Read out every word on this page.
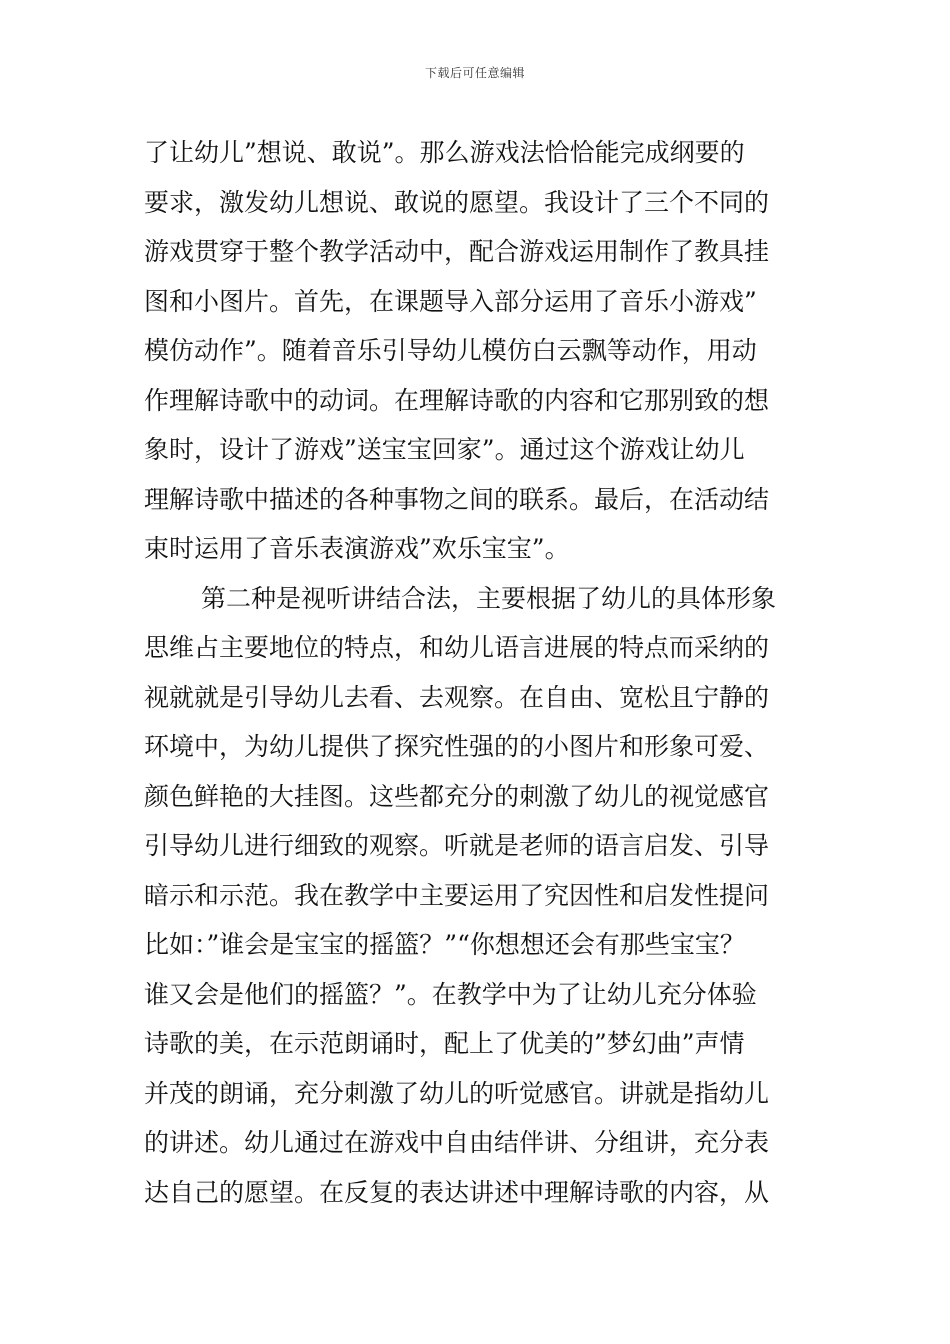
下载后可任意编辑
了让幼儿”想说、敢说”。那么游戏法恰恰能完成纲要的
要求，激发幼儿想说、敢说的愿望。我设计了三个不同的
游戏贯穿于整个教学活动中，配合游戏运用制作了教具挂
图和小图片。首先，在课题导入部分运用了音乐小游戏”
模仿动作”。随着音乐引导幼儿模仿白云飘等动作，用动
作理解诗歌中的动词。在理解诗歌的内容和它那别致的想
象时，设计了游戏”送宝宝回家”。通过这个游戏让幼儿
理解诗歌中描述的各种事物之间的联系。最后，在活动结
束时运用了音乐表演游戏”欢乐宝宝”。
第二种是视听讲结合法，主要根据了幼儿的具体形象
思维占主要地位的特点，和幼儿语言进展的特点而采纳的
视就就是引导幼儿去看、去观察。在自由、宽松且宁静的
环境中，为幼儿提供了探究性强的的小图片和形象可爱、
颜色鲜艳的大挂图。这些都充分的刺激了幼儿的视觉感官
引导幼儿进行细致的观察。听就是老师的语言启发、引导
暗示和示范。我在教学中主要运用了究因性和启发性提问
比如：”谁会是宝宝的摇篮？”“你想想还会有那些宝宝？
谁又会是他们的摇篮？”。在教学中为了让幼儿充分体验
诗歌的美，在示范朗诵时，配上了优美的”梦幻曲”声情
并茂的朗诵，充分刺激了幼儿的听觉感官。讲就是指幼儿
的讲述。幼儿通过在游戏中自由结伴讲、分组讲，充分表
达自己的愿望。在反复的表达讲述中理解诗歌的内容，从
